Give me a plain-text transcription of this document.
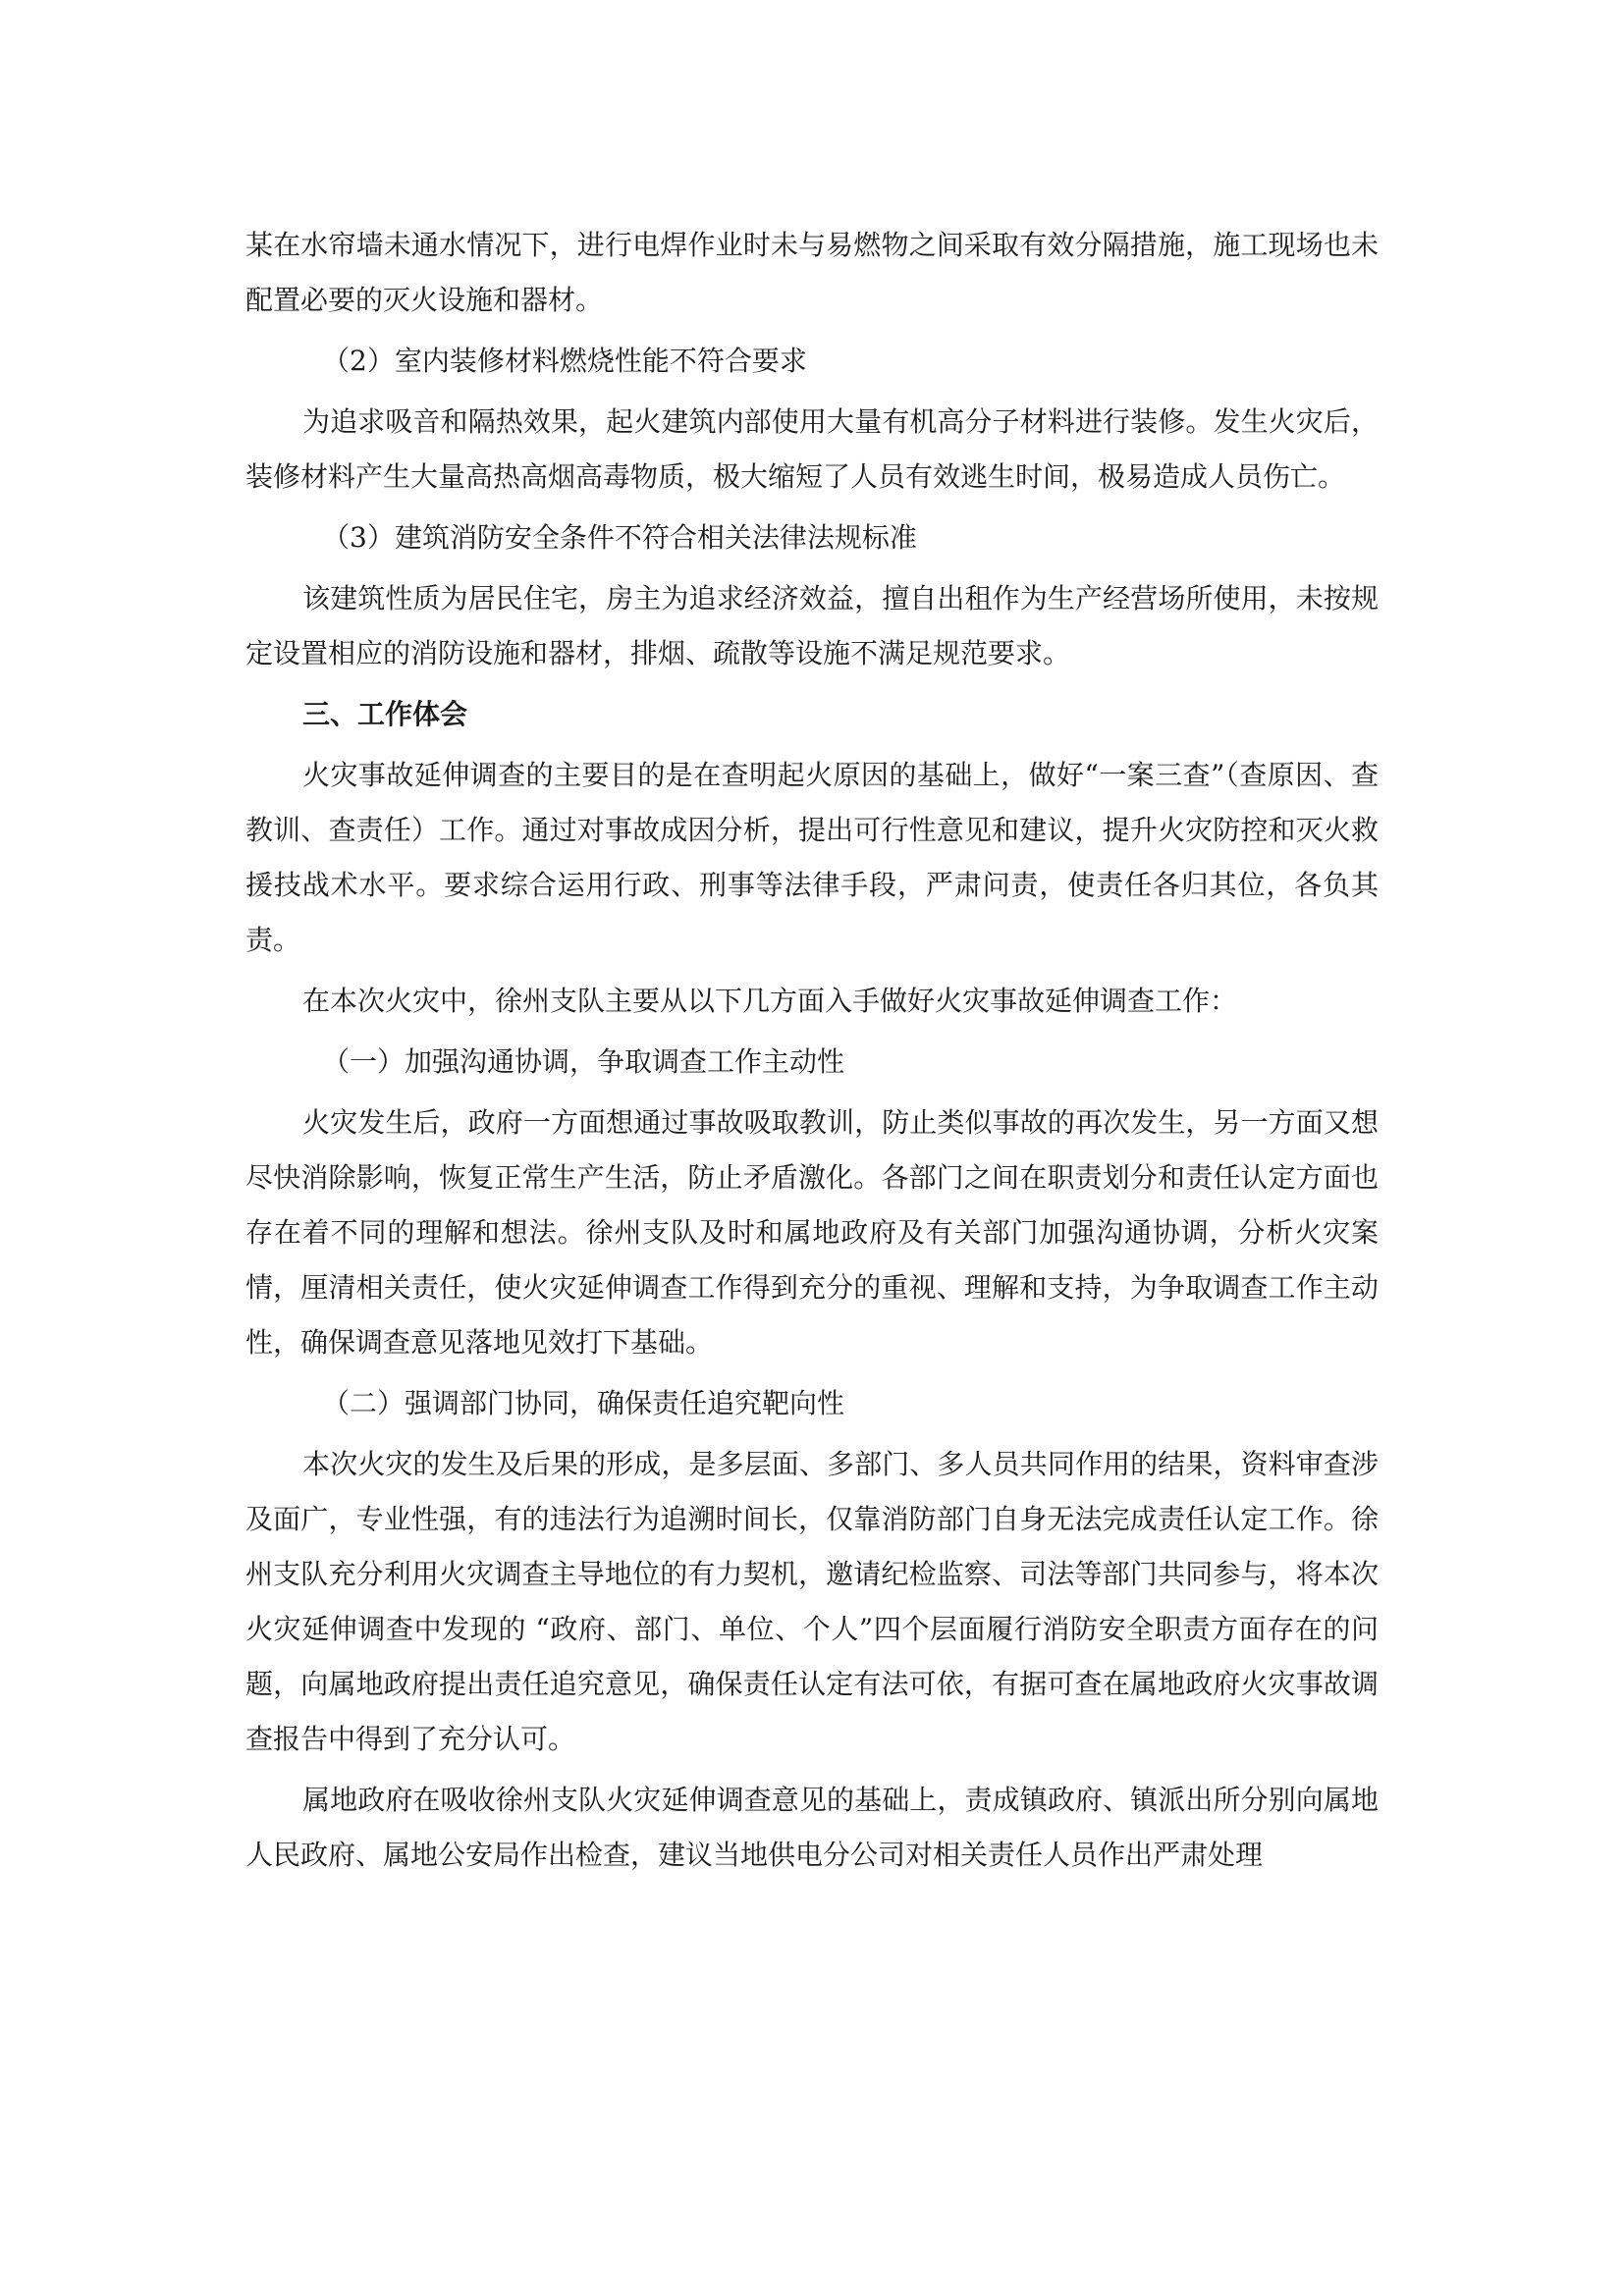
某在水帘墙未通水情况下，进行电焊作业时未与易燃物之间采取有效分隔措施，施工现场也未配置必要的灭火设施和器材。

（2）室内装修材料燃烧性能不符合要求

为追求吸音和隔热效果，起火建筑内部使用大量有机高分子材料进行装修。发生火灾后，装修材料产生大量高热高烟高毒物质，极大缩短了人员有效逃生时间，极易造成人员伤亡。

（3）建筑消防安全条件不符合相关法律法规标准

该建筑性质为居民住宅，房主为追求经济效益，擅自出租作为生产经营场所使用，未按规定设置相应的消防设施和器材，排烟、疏散等设施不满足规范要求。

三、工作体会

火灾事故延伸调查的主要目的是在查明起火原因的基础上，做好“一案三查”（查原因、查教训、查责任）工作。通过对事故成因分析，提出可行性意见和建议，提升火灾防控和灭火救援技战术水平。要求综合运用行政、刑事等法律手段，严肃问责，使责任各归其位，各负其责。

在本次火灾中，徐州支队主要从以下几方面入手做好火灾事故延伸调查工作：

（一）加强沟通协调，争取调查工作主动性

火灾发生后，政府一方面想通过事故吸取教训，防止类似事故的再次发生，另一方面又想尽快消除影响，恢复正常生产生活，防止矛盾激化。各部门之间在职责划分和责任认定方面也存在着不同的理解和想法。徐州支队及时和属地政府及有关部门加强沟通协调，分析火灾案情，厘清相关责任，使火灾延伸调查工作得到充分的重视、理解和支持，为争取调查工作主动性，确保调查意见落地见效打下基础。

（二）强调部门协同，确保责任追究靶向性

本次火灾的发生及后果的形成，是多层面、多部门、多人员共同作用的结果，资料审查涉及面广，专业性强，有的违法行为追溯时间长，仅靠消防部门自身无法完成责任认定工作。徐州支队充分利用火灾调查主导地位的有力契机，邀请纪检监察、司法等部门共同参与，将本次火灾延伸调查中发现的 “政府、部门、单位、个人”四个层面履行消防安全职责方面存在的问题，向属地政府提出责任追究意见，确保责任认定有法可依，有据可查在属地政府火灾事故调查报告中得到了充分认可。

属地政府在吸收徐州支队火灾延伸调查意见的基础上，责成镇政府、镇派出所分别向属地人民政府、属地公安局作出检查，建议当地供电分公司对相关责任人员作出严肃处理
